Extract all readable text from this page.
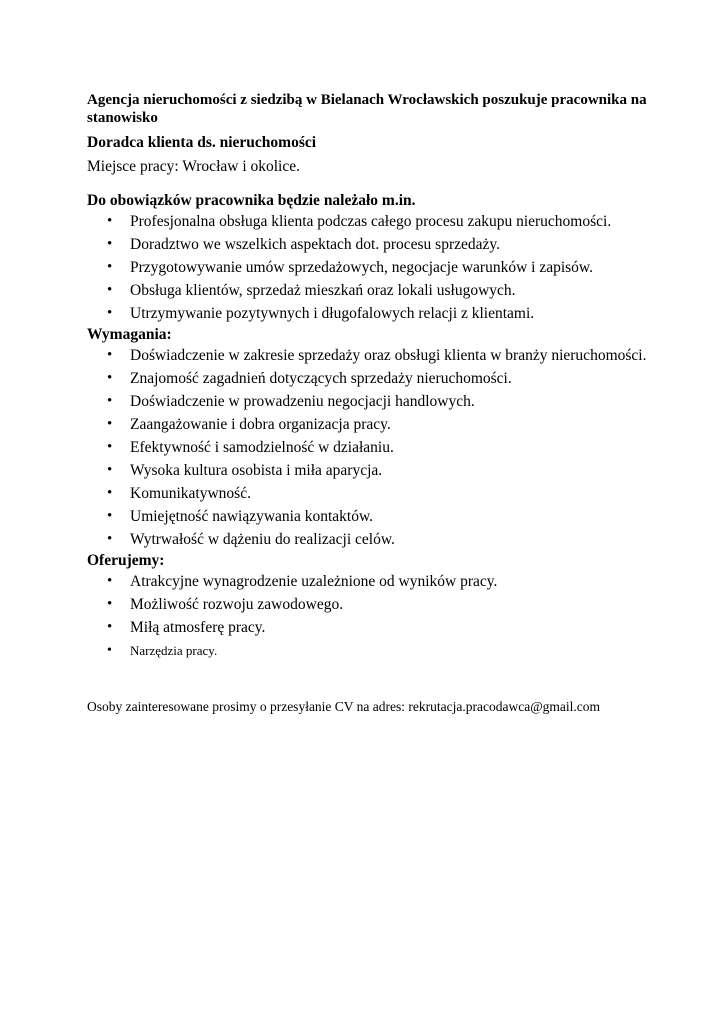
Agencja nieruchomości z siedzibą w Bielanach Wrocławskich poszukuje pracownika na stanowisko

Doradca klienta ds. nieruchomości

Miejsce pracy: Wrocław i okolice.

Do obowiązków pracownika będzie należało m.in.

• Profesjonalna obsługa klienta podczas całego procesu zakupu nieruchomości.
• Doradztwo we wszelkich aspektach dot. procesu sprzedaży.
• Przygotowywanie umów sprzedażowych, negocjacje warunków i zapisów.
• Obsługa klientów, sprzedaż mieszkań oraz lokali usługowych.
• Utrzymywanie pozytywnych i długofalowych relacji z klientami.

Wymagania:

• Doświadczenie w zakresie sprzedaży oraz obsługi klienta w branży nieruchomości.
• Znajomość zagadnień dotyczących sprzedaży nieruchomości.
• Doświadczenie w prowadzeniu negocjacji handlowych.
• Zaangażowanie i dobra organizacja pracy.
• Efektywność i samodzielność w działaniu.
• Wysoka kultura osobista i miła aparycja.
• Komunikatywność.
• Umiejętność nawiązywania kontaktów.
• Wytrwałość w dążeniu do realizacji celów.

Oferujemy:

• Atrakcyjne wynagrodzenie uzależnione od wyników pracy.
• Możliwość rozwoju zawodowego.
• Miłą atmosferę pracy.
• Narzędzia pracy.

Osoby zainteresowane prosimy o przesyłanie CV na adres: rekrutacja.pracodawca@gmail.com
